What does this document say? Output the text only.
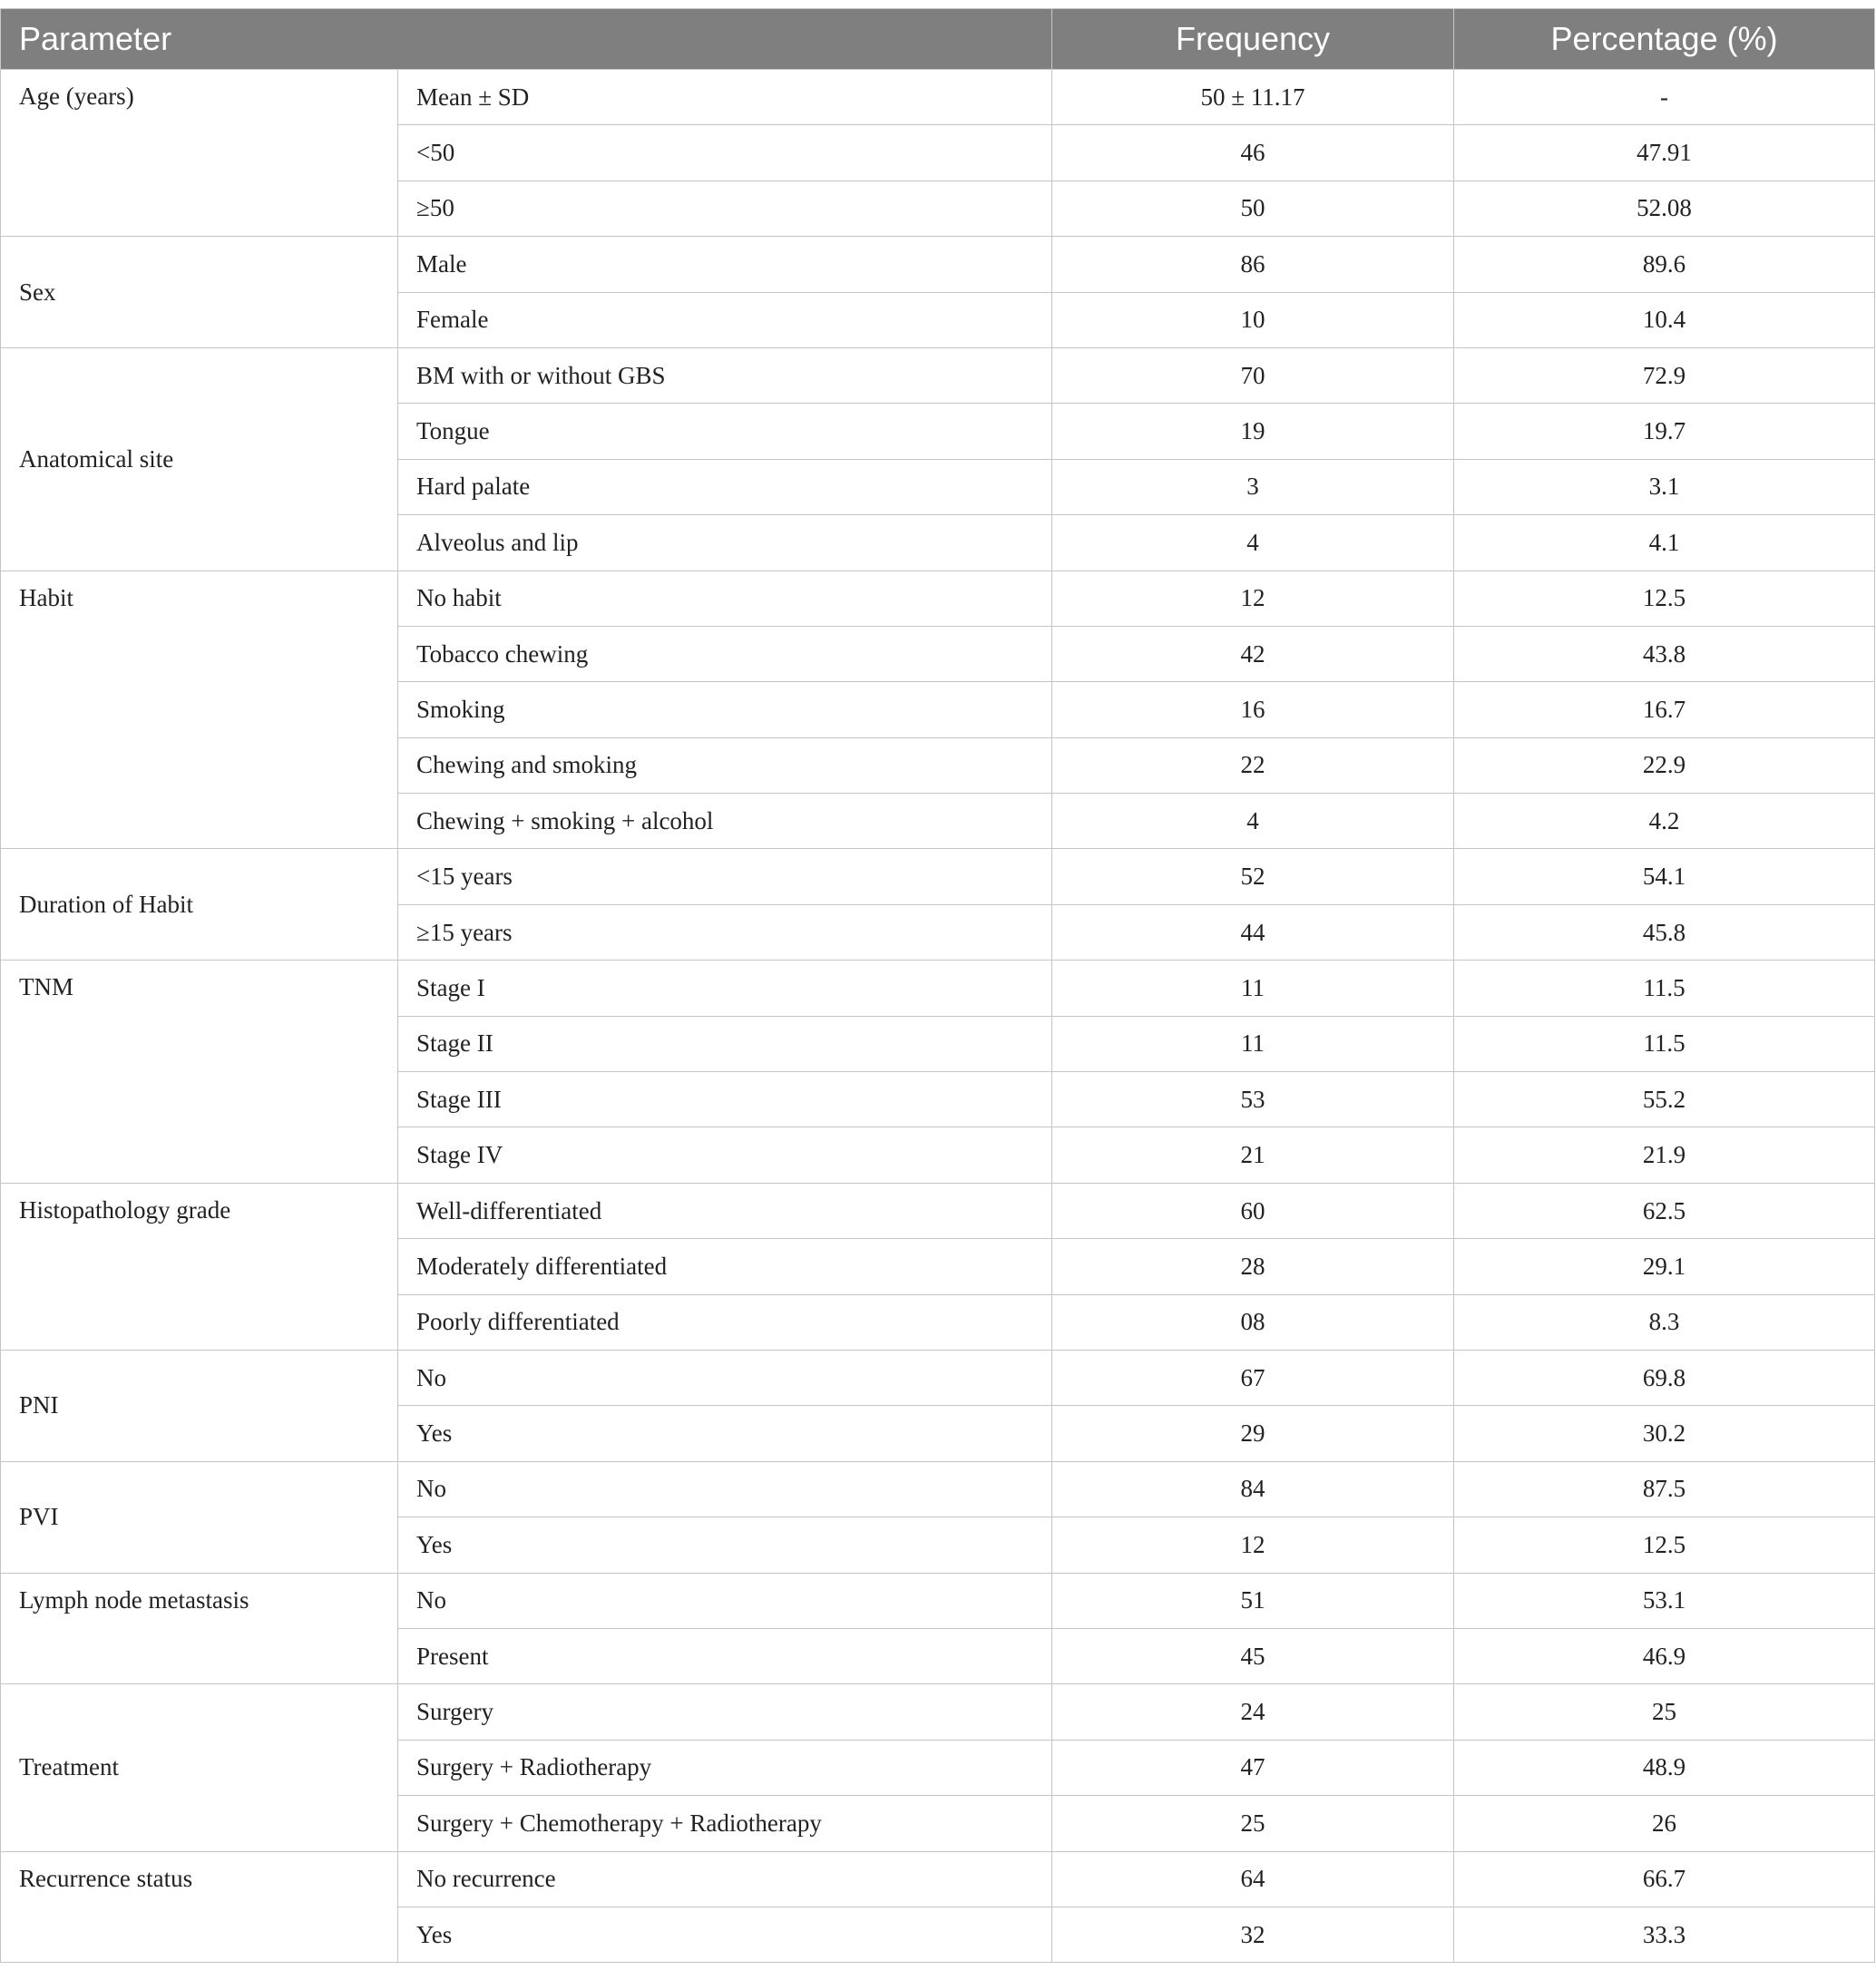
Parameter		Frequency	Percentage (%)
Age (years)	Mean ± SD	50 ± 11.17	-
	<50	46	47.91
	≥50	50	52.08
Sex	Male	86	89.6
	Female	10	10.4
Anatomical site	BM with or without GBS	70	72.9
	Tongue	19	19.7
	Hard palate	3	3.1
	Alveolus and lip	4	4.1
Habit	No habit	12	12.5
	Tobacco chewing	42	43.8
	Smoking	16	16.7
	Chewing and smoking	22	22.9
	Chewing + smoking + alcohol	4	4.2
Duration of Habit	<15 years	52	54.1
	≥15 years	44	45.8
TNM	Stage I	11	11.5
	Stage II	11	11.5
	Stage III	53	55.2
	Stage IV	21	21.9
Histopathology grade	Well-differentiated	60	62.5
	Moderately differentiated	28	29.1
	Poorly differentiated	08	8.3
PNI	No	67	69.8
	Yes	29	30.2
PVI	No	84	87.5
	Yes	12	12.5
Lymph node metastasis	No	51	53.1
	Present	45	46.9
Treatment	Surgery	24	25
	Surgery + Radiotherapy	47	48.9
	Surgery + Chemotherapy + Radiotherapy	25	26
Recurrence status	No recurrence	64	66.7
	Yes	32	33.3
